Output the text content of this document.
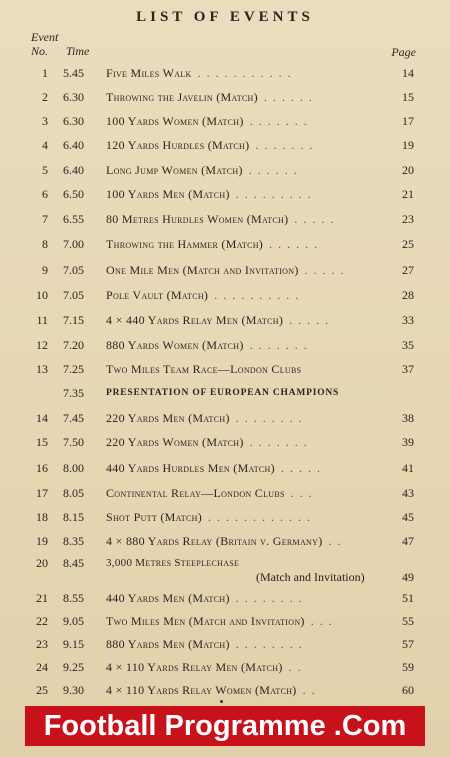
LIST OF EVENTS
Event
No. Time	Page
1 5.45 Five Miles Walk ...........	14
2 6.30 Throwing the Javelin (Match) ......	15
3 6.30 100 Yards Women (Match) .......	17
4 6.40 120 Yards Hurdles (Match) .......	19
5 6.40 Long Jump Women (Match) ......	20
6 6.50 100 Yards Men (Match) .........	21
7 6.55 80 Metres Hurdles Women (Match) .....	23
8 7.00 Throwing the Hammer (Match) ......	25
9 7.05 One Mile Men (Match and Invitation) .....	27
10 7.05 Pole Vault (Match) ..........	28
11 7.15 4 × 440 Yards Relay Men (Match) .....	33
12 7.20 880 Yards Women (Match) .......	35
13 7.25 Two Miles Team Race—London Clubs	37
7.35 PRESENTATION OF EUROPEAN CHAMPIONS
14 7.45 220 Yards Men (Match) ........	38
15 7.50 220 Yards Women (Match) .......	39
16 8.00 440 Yards Hurdles Men (Match) .....	41
17 8.05 Continental Relay—London Clubs ...	43
18 8.15 Shot Putt (Match) ............	45
19 8.35 4 × 880 Yards Relay (Britain v. Germany) ..	47
20 8.45 3,000 Metres Steeplechase
(Match and Invitation)	49
21 8.55 440 Yards Men (Match) ........	51
22 9.05 Two Miles Men (Match and Invitation) ...	55
23 9.15 880 Yards Men (Match) ........	57
24 9.25 4 × 110 Yards Relay Men (Match) ..	59
25 9.30 4 × 110 Yards Relay Women (Match) ..	60
Football Programme .Com
